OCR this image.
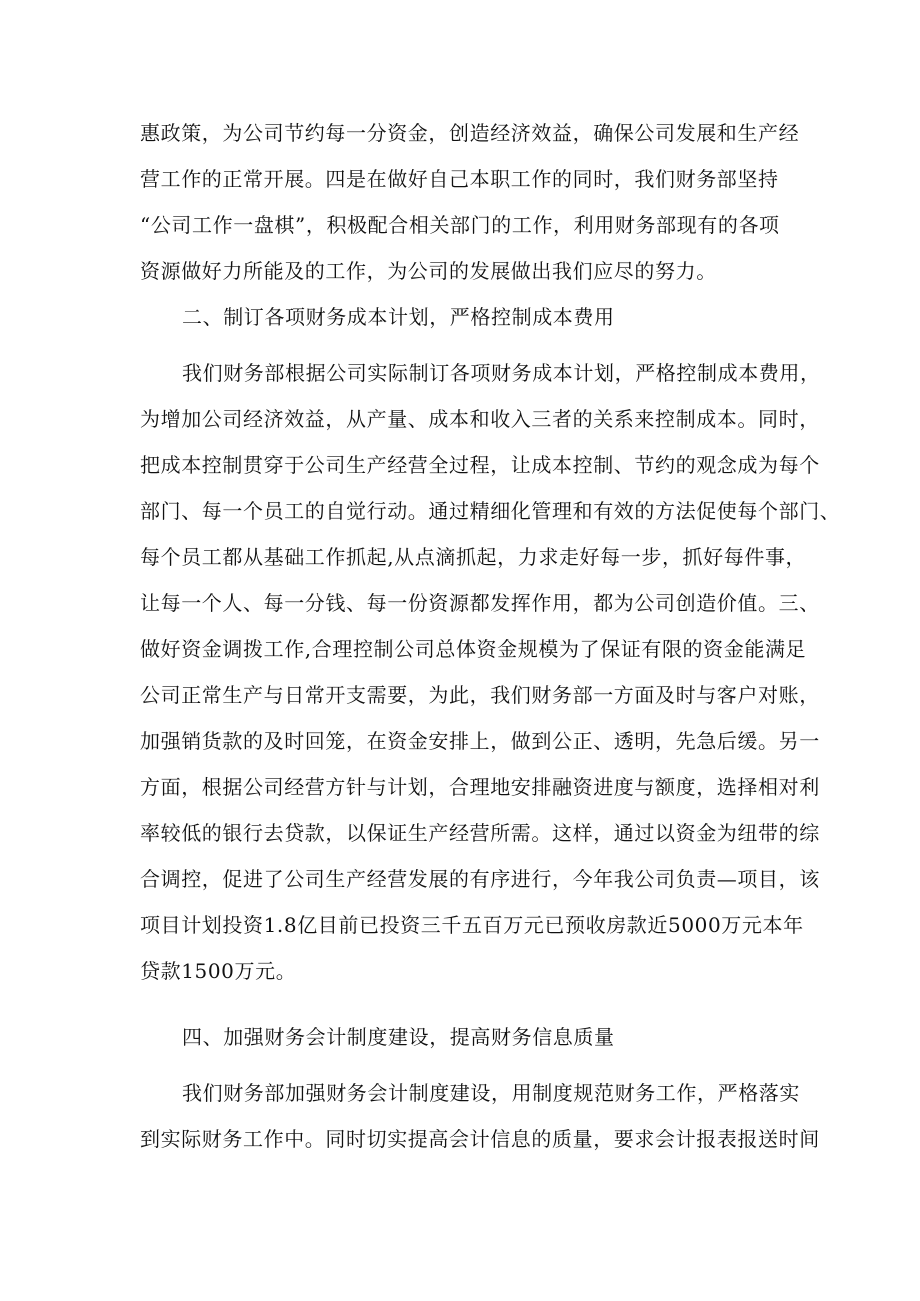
惠政策，为公司节约每一分资金，创造经济效益，确保公司发展和生产经
营工作的正常开展。四是在做好自己本职工作的同时，我们财务部坚持
“公司工作一盘棋”，积极配合相关部门的工作，利用财务部现有的各项
资源做好力所能及的工作，为公司的发展做出我们应尽的努力。
二、制订各项财务成本计划，严格控制成本费用
我们财务部根据公司实际制订各项财务成本计划，严格控制成本费用，
为增加公司经济效益，从产量、成本和收入三者的关系来控制成本。同时，
把成本控制贯穿于公司生产经营全过程，让成本控制、节约的观念成为每个
部门、每一个员工的自觉行动。通过精细化管理和有效的方法促使每个部门、
每个员工都从基础工作抓起,从点滴抓起，力求走好每一步，抓好每件事，
让每一个人、每一分钱、每一份资源都发挥作用，都为公司创造价值。三、
做好资金调拨工作,合理控制公司总体资金规模为了保证有限的资金能满足
公司正常生产与日常开支需要，为此，我们财务部一方面及时与客户对账，
加强销货款的及时回笼，在资金安排上，做到公正、透明，先急后缓。另一
方面，根据公司经营方针与计划，合理地安排融资进度与额度，选择相对利
率较低的银行去贷款，以保证生产经营所需。这样，通过以资金为纽带的综
合调控，促进了公司生产经营发展的有序进行，今年我公司负责—项目，该
项目计划投资1.8亿目前已投资三千五百万元已预收房款近5000万元本年
贷款1500万元。
四、加强财务会计制度建设，提高财务信息质量
我们财务部加强财务会计制度建设，用制度规范财务工作，严格落实
到实际财务工作中。同时切实提高会计信息的质量，要求会计报表报送时间
